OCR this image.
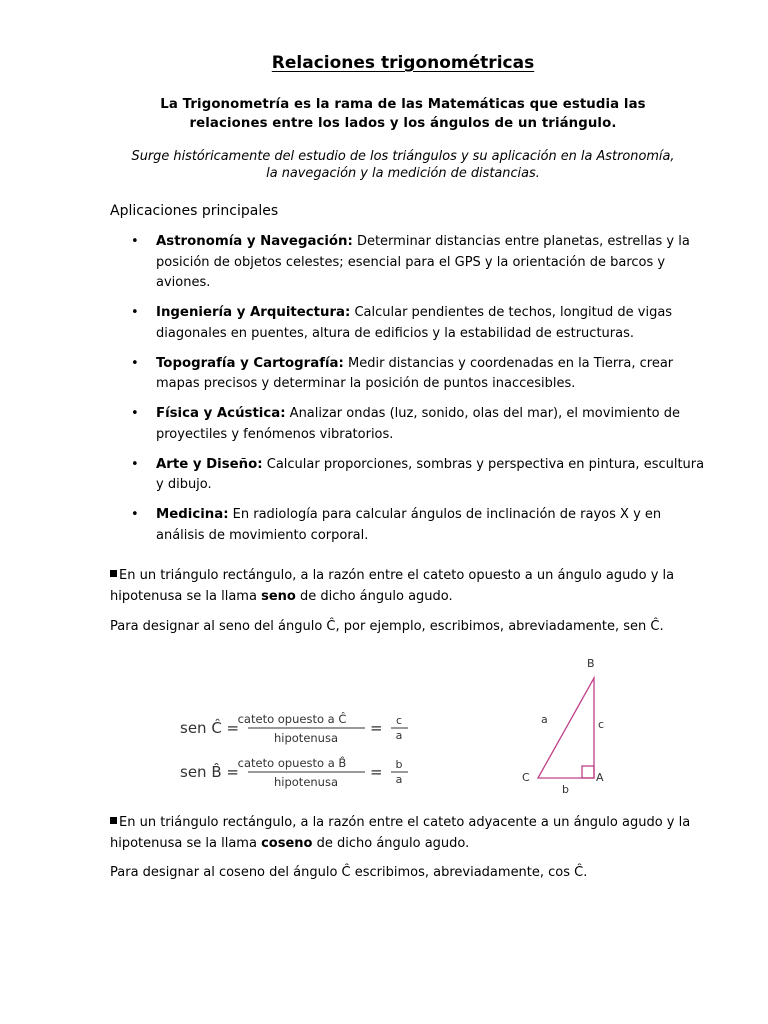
Relaciones trigonométricas
La Trigonometría es la rama de las Matemáticas que estudia las relaciones entre los lados y los ángulos de un triángulo.
Surge históricamente del estudio de los triángulos y su aplicación en la Astronomía, la navegación y la medición de distancias.
Aplicaciones principales
• Astronomía y Navegación: Determinar distancias entre planetas, estrellas y la posición de objetos celestes; esencial para el GPS y la orientación de barcos y aviones.
• Ingeniería y Arquitectura: Calcular pendientes de techos, longitud de vigas diagonales en puentes, altura de edificios y la estabilidad de estructuras.
• Topografía y Cartografía: Medir distancias y coordenadas en la Tierra, crear mapas precisos y determinar la posición de puntos inaccesibles.
• Física y Acústica: Analizar ondas (luz, sonido, olas del mar), el movimiento de proyectiles y fenómenos vibratorios.
• Arte y Diseño: Calcular proporciones, sombras y perspectiva en pintura, escultura y dibujo.
• Medicina: En radiología para calcular ángulos de inclinación de rayos X y en análisis de movimiento corporal.
En un triángulo rectángulo, a la razón entre el cateto opuesto a un ángulo agudo y la hipotenusa se la llama seno de dicho ángulo agudo.
Para designar al seno del ángulo Ĉ, por ejemplo, escribimos, abreviadamente, sen Ĉ.
sen Ĉ =
cateto opuesto a Ĉ
hipotenusa
= c
a
sen B̂ =
cateto opuesto a B̂
hipotenusa
= b
a
B
C	A
a	c
b
En un triángulo rectángulo, a la razón entre el cateto adyacente a un ángulo agudo y la hipotenusa se la llama coseno de dicho ángulo agudo.
Para designar al coseno del ángulo Ĉ escribimos, abreviadamente, cos Ĉ.
